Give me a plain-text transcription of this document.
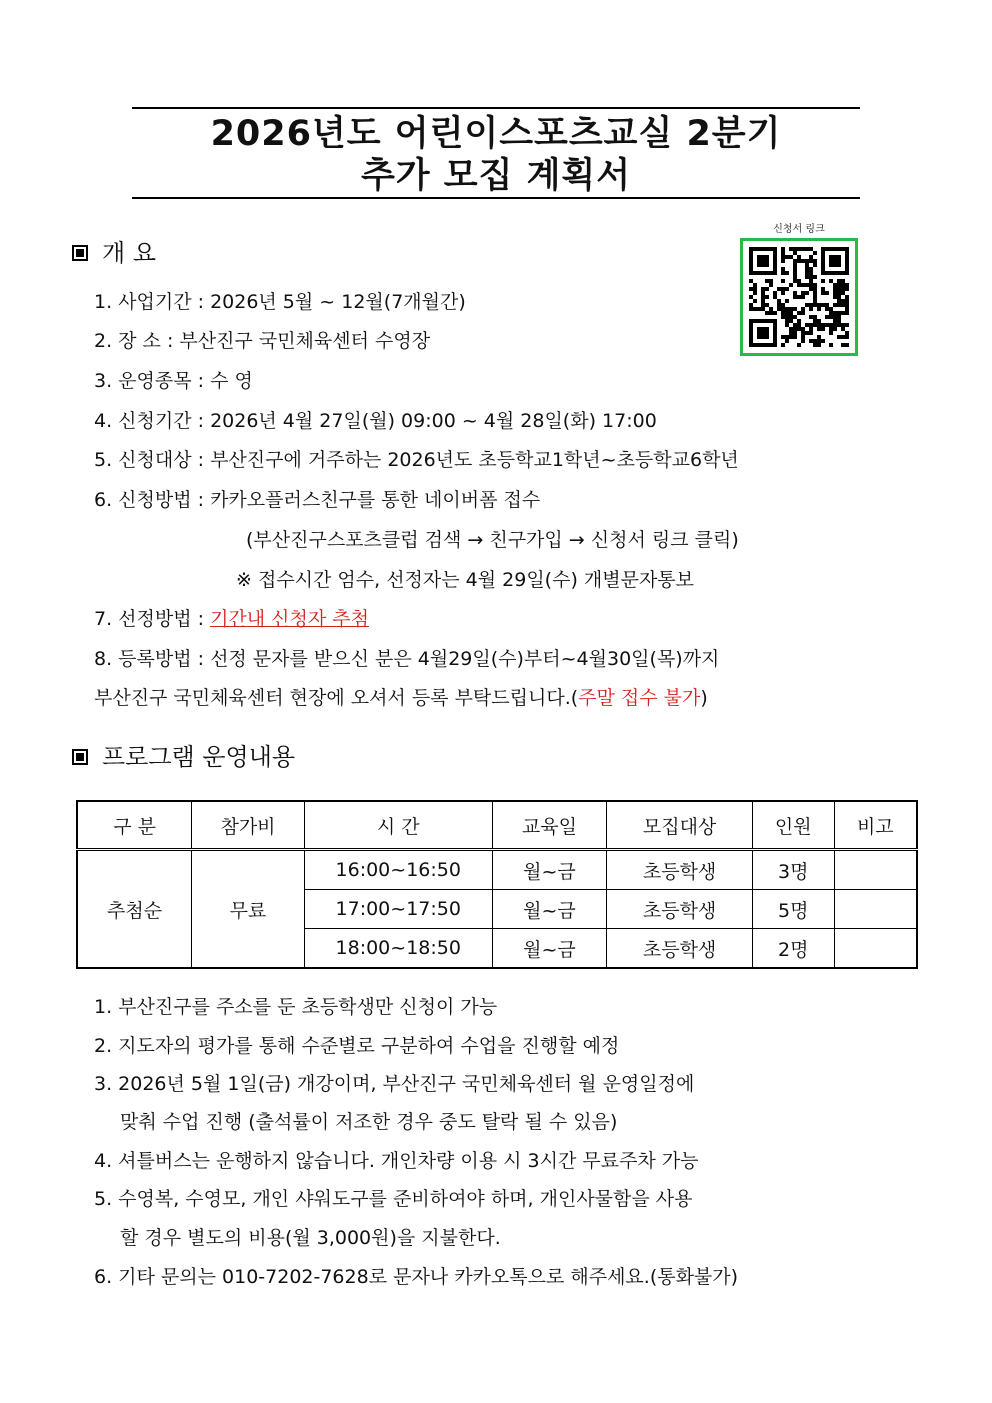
2026년도 어린이스포츠교실 2분기
추가 모집 계획서
신청서 링크
개 요
1. 사업기간 : 2026년 5월 ~ 12월(7개월간)
2. 장 소 : 부산진구 국민체육센터 수영장
3. 운영종목 : 수 영
4. 신청기간 : 2026년 4월 27일(월) 09:00 ~ 4월 28일(화) 17:00
5. 신청대상 : 부산진구에 거주하는 2026년도 초등학교1학년~초등학교6학년
6. 신청방법 : 카카오플러스친구를 통한 네이버폼 접수
(부산진구스포츠클럽 검색 → 친구가입 → 신청서 링크 클릭)
※ 접수시간 엄수, 선정자는 4월 29일(수) 개별문자통보
7. 선정방법 : 기간내 신청자 추첨
8. 등록방법 : 선정 문자를 받으신 분은 4월29일(수)부터~4월30일(목)까지
부산진구 국민체육센터 현장에 오셔서 등록 부탁드립니다.(주말 접수 불가)
프로그램 운영내용
구 분	참가비	시 간	교육일	모집대상	인원	비고
추첨순	무료	16:00~16:50	월~금	초등학생	3명	
		17:00~17:50	월~금	초등학생	5명	
		18:00~18:50	월~금	초등학생	2명	
1. 부산진구를 주소를 둔 초등학생만 신청이 가능
2. 지도자의 평가를 통해 수준별로 구분하여 수업을 진행할 예정
3. 2026년 5월 1일(금) 개강이며, 부산진구 국민체육센터 월 운영일정에
맞춰 수업 진행 (출석률이 저조한 경우 중도 탈락 될 수 있음)
4. 셔틀버스는 운행하지 않습니다. 개인차량 이용 시 3시간 무료주차 가능
5. 수영복, 수영모, 개인 샤워도구를 준비하여야 하며, 개인사물함을 사용
할 경우 별도의 비용(월 3,000원)을 지불한다.
6. 기타 문의는 010-7202-7628로 문자나 카카오톡으로 해주세요.(통화불가)
